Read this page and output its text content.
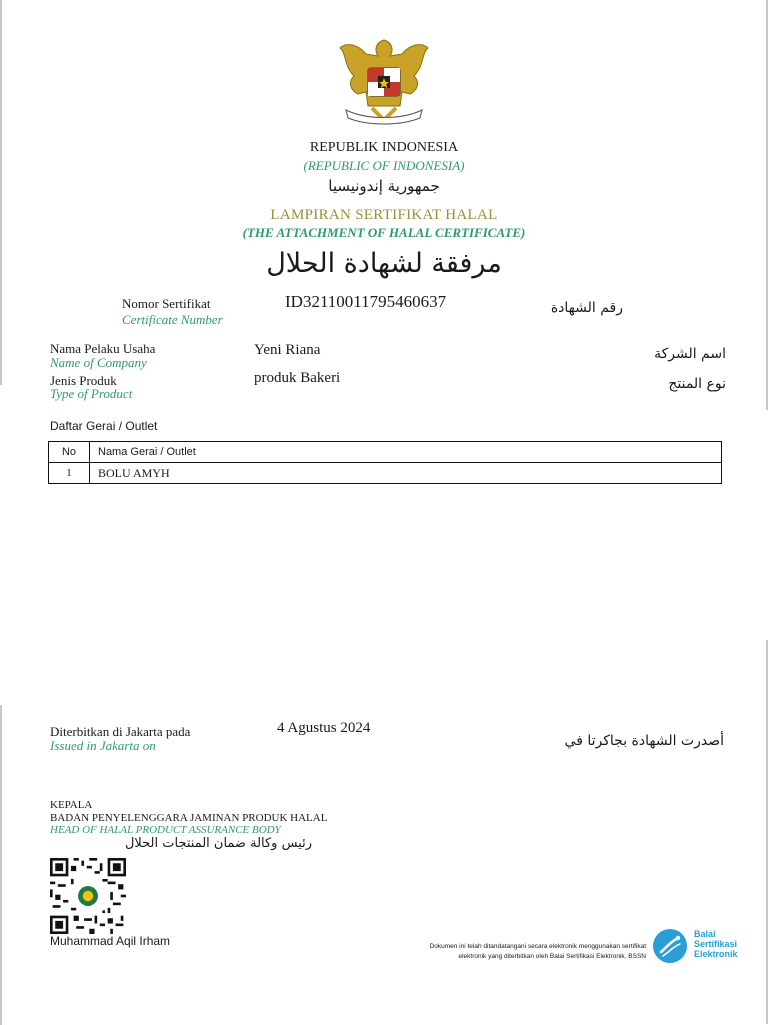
REPUBLIK INDONESIA
(REPUBLIC OF INDONESIA)
جمهورية إندونيسيا
LAMPIRAN SERTIFIKAT HALAL
(THE ATTACHMENT OF HALAL CERTIFICATE)
مرفقة لشهادة الحلال
Nomor Sertifikat
Certificate Number
ID32110011795460637	رقم الشهادة
Nama Pelaku Usaha
Name of Company
Yeni Riana	اسم الشركة
Jenis Produk
Type of Product
produk Bakeri	نوع المنتج
Daftar Gerai / Outlet
No	Nama Gerai / Outlet
1	BOLU AMYH
Diterbitkan di Jakarta pada
Issued in Jakarta on
4 Agustus 2024
أصدرت الشهادة بجاكرتا في
KEPALA
BADAN PENYELENGGARA JAMINAN PRODUK HALAL
HEAD OF HALAL PRODUCT ASSURANCE BODY
رئيس وكالة ضمان المنتجات الحلال
Muhammad Aqil Irham	Dokumen ini telah ditandatangani secara elektronik menggunakan sertifikat
elektronik yang diterbitkan oleh Balai Sertifikasi Elektronik, BSSN
Balai
Sertifikasi
Elektronik
